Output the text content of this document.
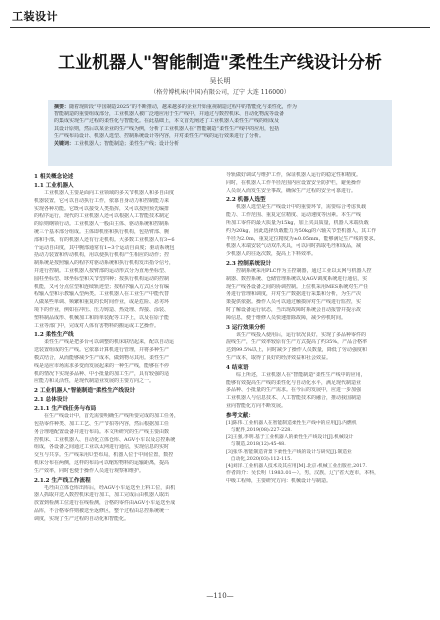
工装设计
工业机器人"智能制造"柔性生产线设计分析
吴长明
（格劳博机床(中国)有限公司，辽宁 大连 116000）
摘要：随着现阶段“中国制造2025”的不断推动，越来越多的企业开始重视制造过程中的智能化与柔性化，作为
智能制造的重要组成部分，工业机器人被广泛地应用于生产线中，并通过与数控机床、自动化物流等设备
的集成实现生产过程的柔性化与智能化。在此基础上，本文首先阐述了工业机器人柔性生产线的组成及
其设计原则，然后以某企业的生产线为例，分析了工业机器人在“智能制造”柔性生产线中的应用，包括
生产线布局设计、机器人选型、控制系统设计等内容，并对柔性生产线的运行效果进行了分析。
关键词：工业机器人；智能制造；柔性生产线；设计分析
1 相关概念论述
1.1 工业机器人
　　工业机器人主要是面向工业领域的多关节机器人和多自由度
机器装置，它可以自动执行工作，依靠自身动力和控制能力来
实现各种功能。它既可以接受人类指挥，又可以按照预先编排
的程序运行，现代的工业机器人还可以根据人工智能技术制定
的原则纲领行动。工业机器人一般由主体、驱动系统和控制系
统三个基本部分组成。主体即机座和执行机构，包括臂部、腕
部和手部，有的机器人还有行走机构。大多数工业机器人有3~6
个运动自由度，其中腕部通常有1~3个运动自由度；驱动系统包
括动力装置和传动机构，用以使执行机构产生相应的动作；控
制系统是按照输入的程序对驱动系统和执行机构发出指令信号，
并进行控制。工业机器人按臂部的运动形式分为直角坐标型、
圆柱坐标型、球坐标型和关节型四种；按执行机构运动的控制
机能，又可分点位型和连续轨迹型；按程序输入方式区分有编
程输入型和示教输入型两类。工业机器人在工业生产中能代替
人做某些单调、频繁和重复的长时间作业，或是危险、恶劣环
境下的作业，例如在冲压、压力铸造、热处理、焊接、涂装、
塑料制品成形、机械加工和简单装配等工序上，以及在原子能
工业等部门中，完成对人体有害物料的搬运或工艺操作。
1.2 柔性生产线
　　柔性生产线是把多台可以调整的机床联结起来，配以自动运
送装置组成的生产线。它依靠计算机进行管理，并将多种生产
模式结合，从而能够减少生产成本，做到物尽其用。柔性生产
线是适应市场需求多变而发展起来的一种生产线，能够在不停
机的情况下实现多品种、中小批量的加工生产，具有较强的适
应能力和灵活性，是现代制造业发展的主要方向之一。
2 工业机器人"智能制造"柔性生产线设计
2.1 总体设计
2.1.1 生产线任务与布局
　　在生产线设计中，首先需要明确生产线所要完成的加工任务，
包括零件种类、加工工艺、生产节拍等内容，然后根据加工任
务合理地配置设备并进行布局。本文所研究的生产线主要由数
控机床、工业机器人、自动化立体仓库、AGV小车以及总控系统
组成，各设备之间通过工业以太网进行通信，实现信息的实时
交互与共享。生产线采用U型布局，机器人位于中间位置，数控
机床分布在两侧，这样的布局可以缩短物料的运输距离，提高
生产效率，同时也便于操作人员进行观察和维护。
2.1.2 生产线工作流程
　　毛坯由立体仓库出库后，经AGV小车运送至上料工位，由机
器人抓取并送入数控机床进行加工，加工完成后由机器人取出
放置到检测工位进行在线检测，合格的零件由AGV小车运送至成
品库，不合格零件则被送至返修区，整个过程由总控系统统一
调度，实现了生产过程的自动化和智能化。
导轨做好调试与维护工作，保证机器人运行的稳定性和精度。
同时，在机器人工作半径范围内应设置安全防护栏，避免操作
人员误入而发生安全事故，确保生产过程的安全可靠进行。
2.2 机器人选型
　　机器人选型是生产线设计中的重要环节，需要综合考虑负载
能力、工作范围、重复定位精度、运动速度等因素。本生产线
所加工零件的最大质量为15kg，加上夹具质量，机器人末端负载
约为20kg，因此选择负载能力为50kg的六轴关节型机器人，其工作
半径为2.0m，重复定位精度为±0.05mm，能够满足生产线的要求。
机器人末端安装气动双爪夹具，可以同时抓取毛坯和成品，减
少机器人的往返次数，提高上下料效率。
2.3 控制系统设计
　　控制系统采用PLC作为主控制器，通过工业以太网与机器人控
制器、数控系统、仓储管理系统以及AGV调度系统进行通信，实
现生产线各设备之间的协调控制。上位机采用MES系统对生产任
务进行管理和调度，并对生产数据进行采集和分析，为生产决
策提供依据。操作人员可以通过触摸屏对生产线进行监控，实
时了解设备运行状态，当出现故障时系统会自动报警并提示故
障信息，便于维修人员快速排除故障，减少停机时间。
3 运行效果分析
　　该生产线投入使用后，运行状况良好，实现了多品种零件的
混线生产，生产效率较原有生产方式提高了约35%，产品合格率
达到99.5%以上，同时减少了操作人员数量，降低了劳动强度和
生产成本，取得了良好的经济效益和社会效益。
4 结束语
　　综上所述，工业机器人在"智能制造"柔性生产线中的应用，
能够有效提高生产线的柔性化与自动化水平，满足现代制造业
多品种、小批量的生产需求。在今后的发展中，应进一步加强
工业机器人与信息技术、人工智能技术的融合，推动我国制造
业向智能化方向不断发展。
参考文献：
[1]陈伟.工业机器人在智能制造柔性生产线中的应用[J].内燃机
　与配件,2019(08):227-228.
[2]王强,李明.基于工业机器人的柔性生产线设计[J].机械设计
　与制造,2018(12):45-48.
[3]张华.智能制造背景下柔性生产线的设计与研究[J].制造业
　自动化,2020(03):112-115.
[4]刘洋.工业机器人技术及其应用[M].北京:机械工业出版社,2017.
作者简介：吴长明（1983.01—），男，汉族，辽宁省大连市，本科，
中级工程师，主要研究方向：机械设计与制造。
—110—
